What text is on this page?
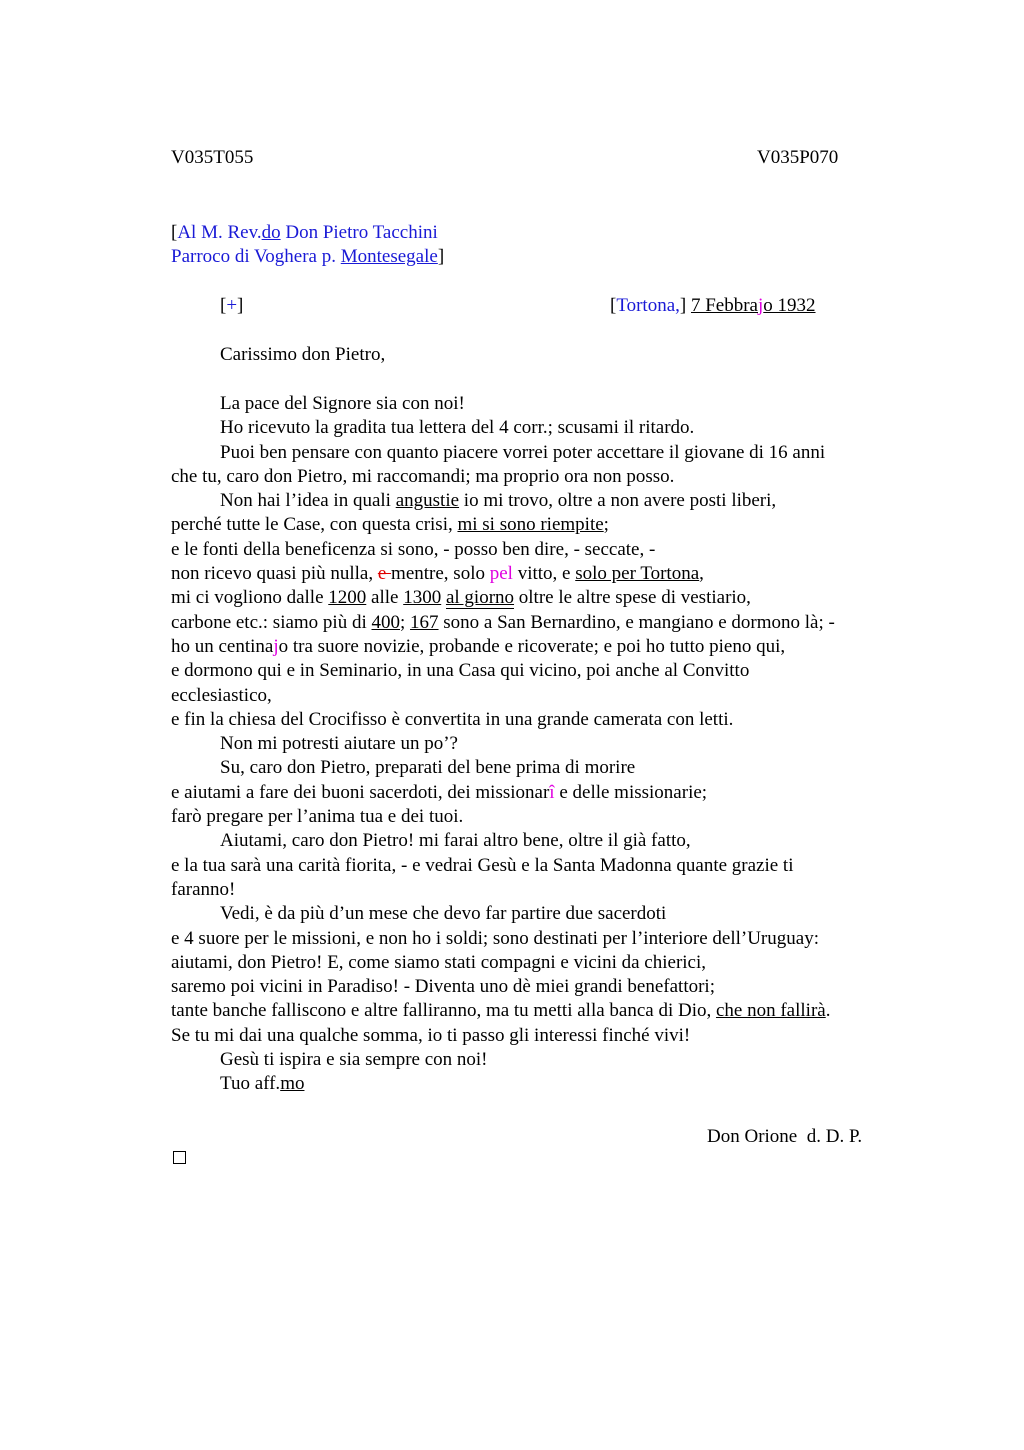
V035T055	V035P070
[Al M. Rev.do Don Pietro Tacchini
Parroco di Voghera p. Montesegale]
[+]	[Tortona,] 7 Febbrajo 1932
Carissimo don Pietro,
La pace del Signore sia con noi!
Ho ricevuto la gradita tua lettera del 4 corr.; scusami il ritardo.
Puoi ben pensare con quanto piacere vorrei poter accettare il giovane di 16 anni
che tu, caro don Pietro, mi raccomandi; ma proprio ora non posso.
Non hai l’idea in quali angustie io mi trovo, oltre a non avere posti liberi,
perché tutte le Case, con questa crisi, mi si sono riempite;
e le fonti della beneficenza si sono, - posso ben dire, - seccate, -
non ricevo quasi più nulla, e mentre, solo pel vitto, e solo per Tortona,
mi ci vogliono dalle 1200 alle 1300 al giorno oltre le altre spese di vestiario,
carbone etc.: siamo più di 400; 167 sono a San Bernardino, e mangiano e dormono là; -
ho un centinajo tra suore novizie, probande e ricoverate; e poi ho tutto pieno qui,
e dormono qui e in Seminario, in una Casa qui vicino, poi anche al Convitto
ecclesiastico,
e fin la chiesa del Crocifisso è convertita in una grande camerata con letti.
Non mi potresti aiutare un po’?
Su, caro don Pietro, preparati del bene prima di morire
e aiutami a fare dei buoni sacerdoti, dei missionarî e delle missionarie;
farò pregare per l’anima tua e dei tuoi.
Aiutami, caro don Pietro! mi farai altro bene, oltre il già fatto,
e la tua sarà una carità fiorita, - e vedrai Gesù e la Santa Madonna quante grazie ti
faranno!
Vedi, è da più d’un mese che devo far partire due sacerdoti
e 4 suore per le missioni, e non ho i soldi; sono destinati per l’interiore dell’Uruguay:
aiutami, don Pietro! E, come siamo stati compagni e vicini da chierici,
saremo poi vicini in Paradiso! - Diventa uno dè miei grandi benefattori;
tante banche falliscono e altre falliranno, ma tu metti alla banca di Dio, che non fallirà.
Se tu mi dai una qualche somma, io ti passo gli interessi finché vivi!
Gesù ti ispira e sia sempre con noi!
Tuo aff.mo
Don Orione  d. D. P.
